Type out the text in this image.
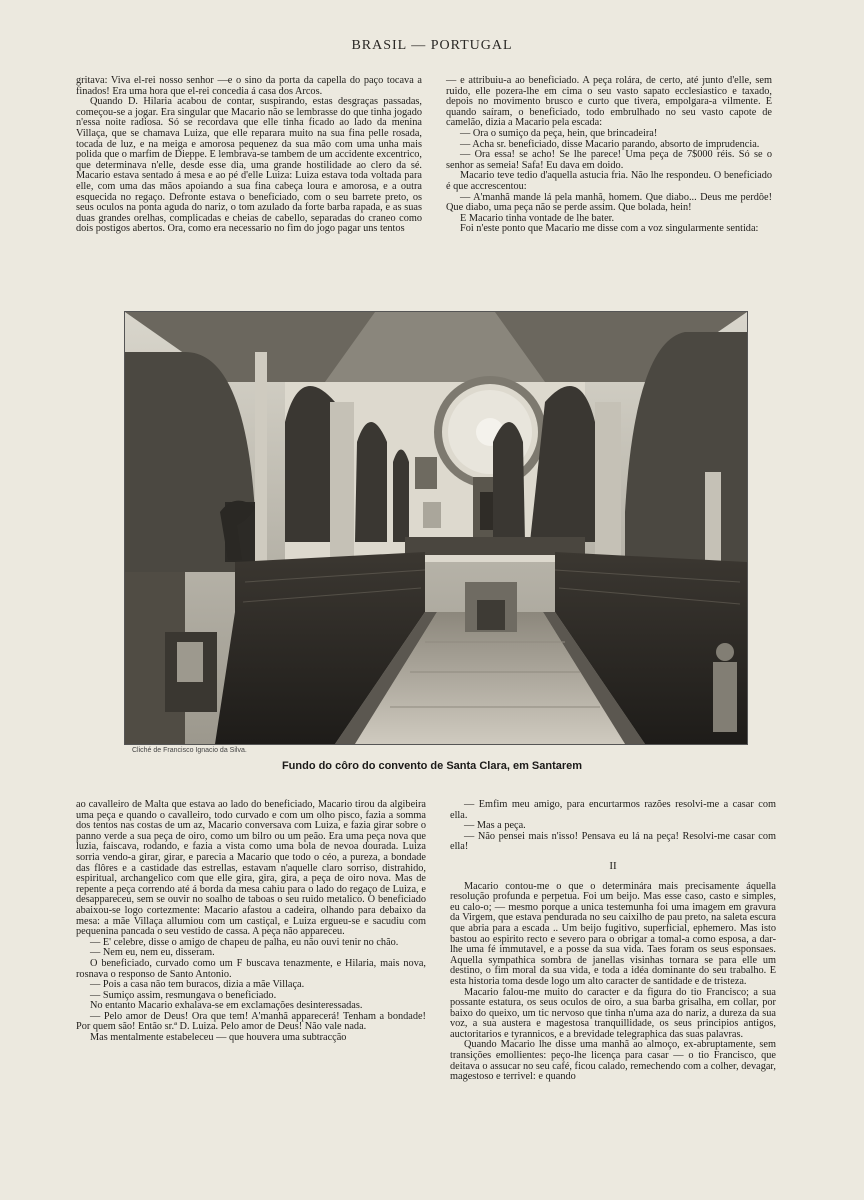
BRASIL — PORTUGAL

gritava: Viva el-rei nosso senhor —e o sino da porta da capella do paço tocava a finados! Era uma hora que el-rei concedia á casa dos Arcos.

Quando D. Hilaria acabou de contar, suspirando, estas desgraças passadas, começou-se a jogar. Era singular que Macario não se lembrasse do que tinha jogado n'essa noite radiosa. Só se recordava que elle tinha ficado ao lado da menina Villaça, que se chamava Luiza, que elle reparara muito na sua fina pelle rosada, tocada de luz, e na meiga e amorosa pequenez da sua mão com uma unha mais polida que o marfim de Dieppe. E lembrava-se tambem de um accidente excentrico, que determinava n'elle, desde esse dia, uma grande hostilidade ao clero da sé. Macario estava sentado á mesa e ao pé d'elle Luiza: Luiza estava toda voltada para elle, com uma das mãos apoiando a sua fina cabeça loura e amorosa, e a outra esquecida no regaço. Defronte estava o beneficiado, com o seu barrete preto, os seus oculos na ponta aguda do nariz, o tom azulado da forte barba rapada, e as suas duas grandes orelhas, complicadas e cheias de cabello, separadas do craneo como dois postigos abertos. Ora, como era necessario no fim do jogo pagar uns tentos

— e attribuiu-a ao beneficiado. A peça rolára, de certo, até junto d'elle, sem ruido, elle pozera-lhe em cima o seu vasto sapato ecclesiastico e taxado, depois no movimento brusco e curto que tivera, empolgara-a vilmente. E quando saíram, o beneficiado, todo embrulhado no seu vasto capote de camelão, dizia a Macario pela escada:

— Ora o sumiço da peça, hein, que brincadeira!

— Acha sr. beneficiado, disse Macario parando, absorto de imprudencia.

— Ora essa! se acho! Se lhe parece! Uma peça de 7$000 réis. Só se o senhor as semeia! Safa! Eu dava em doido.

Macario teve tedio d'aquella astucia fria. Não lhe respondeu. O beneficiado é que accrescentou:

— A'manhã mande lá pela manhã, homem. Que diabo... Deus me perdôe! Que diabo, uma peça não se perde assim. Que bolada, hein!

E Macario tinha vontade de lhe bater.

Foi n'este ponto que Macario me disse com a voz singularmente sentida:

Cliché de Francisco Ignacio da Silva.
Fundo do côro do convento de Santa Clara, em Santarem

ao cavalleiro de Malta que estava ao lado do beneficiado, Macario tirou da algibeira uma peça e quando o cavalleiro, todo curvado e com um olho pisco, fazia a somma dos tentos nas costas de um az, Macario conversava com Luiza, e fazia girar sobre o panno verde a sua peça de oiro, como um bilro ou um peão. Era uma peça nova que luzia, faiscava, rodando, e fazia a vista como uma bola de nevoa dourada. Luiza sorria vendo-a girar, girar, e parecia a Macario que todo o céo, a pureza, a bondade das flôres e a castidade das estrellas, estavam n'aquelle claro sorriso, distrahido, espiritual, archangelico com que elle gira, gira, gira, a peça de oiro nova. Mas de repente a peça correndo até á borda da mesa cahiu para o lado do regaço de Luiza, e desappareceu, sem se ouvir no soalho de taboas o seu ruido metalico. O beneficiado abaixou-se logo cortezmente: Macario afastou a cadeira, olhando para debaixo da mesa: a mãe Villaça allumiou com um castiçal, e Luiza ergueu-se e sacudiu com pequenina pancada o seu vestido de cassa. A peça não appareceu.

— E' celebre, disse o amigo de chapeu de palha, eu não ouvi tenir no chão.

— Nem eu, nem eu, disseram.

O beneficiado, curvado como um F buscava tenazmente, e Hilaria, mais nova, rosnava o responso de Santo Antonio.

— Pois a casa não tem buracos, dizia a mãe Villaça.

— Sumiço assim, resmungava o beneficiado.

No entanto Macario exhalava-se em exclamações desinteressadas.

— Pelo amor de Deus! Ora que tem! A'manhã apparecerá! Tenham a bondade! Por quem são! Então sr.ª D. Luiza. Pelo amor de Deus! Não vale nada.

Mas mentalmente estabeleceu — que houvera uma subtracção

— Emfim meu amigo, para encurtarmos razões resolvi-me a casar com ella.

— Mas a peça.

— Não pensei mais n'isso! Pensava eu lá na peça! Resolvi-me casar com ella!

II

Macario contou-me o que o determinára mais precisamente áquella resolução profunda e perpetua. Foi um beijo. Mas esse caso, casto e simples, eu calo-o; — mesmo porque a unica testemunha foi uma imagem em gravura da Virgem, que estava pendurada no seu caixilho de pau preto, na saleta escura que abria para a escada .. Um beijo fugitivo, superficial, ephemero. Mas isto bastou ao espirito recto e severo para o obrigar a tomal-a como esposa, a dar-lhe uma fé immutavel, e a posse da sua vida. Taes foram os seus esponsaes. Aquella sympathica sombra de janellas visinhas tornara se para elle um destino, o fim moral da sua vida, e toda a idéa dominante do seu trabalho. E esta historia toma desde logo um alto caracter de santidade e de tristeza.

Macario falou-me muito do caracter e da figura do tio Francisco; a sua possante estatura, os seus oculos de oiro, a sua barba grisalha, em collar, por baixo do queixo, um tic nervoso que tinha n'uma aza do nariz, a dureza da sua voz, a sua austera e magestosa tranquillidade, os seus principios antigos, auctoritarios e tyrannicos, e a brevidade telegraphica das suas palavras.

Quando Macario lhe disse uma manhã ao almoço, ex-abruptamente, sem transições emollientes: peço-lhe licença para casar — o tio Francisco, que deitava o assucar no seu café, ficou calado, remechendo com a colher, devagar, magestoso e terrivel: e quando
